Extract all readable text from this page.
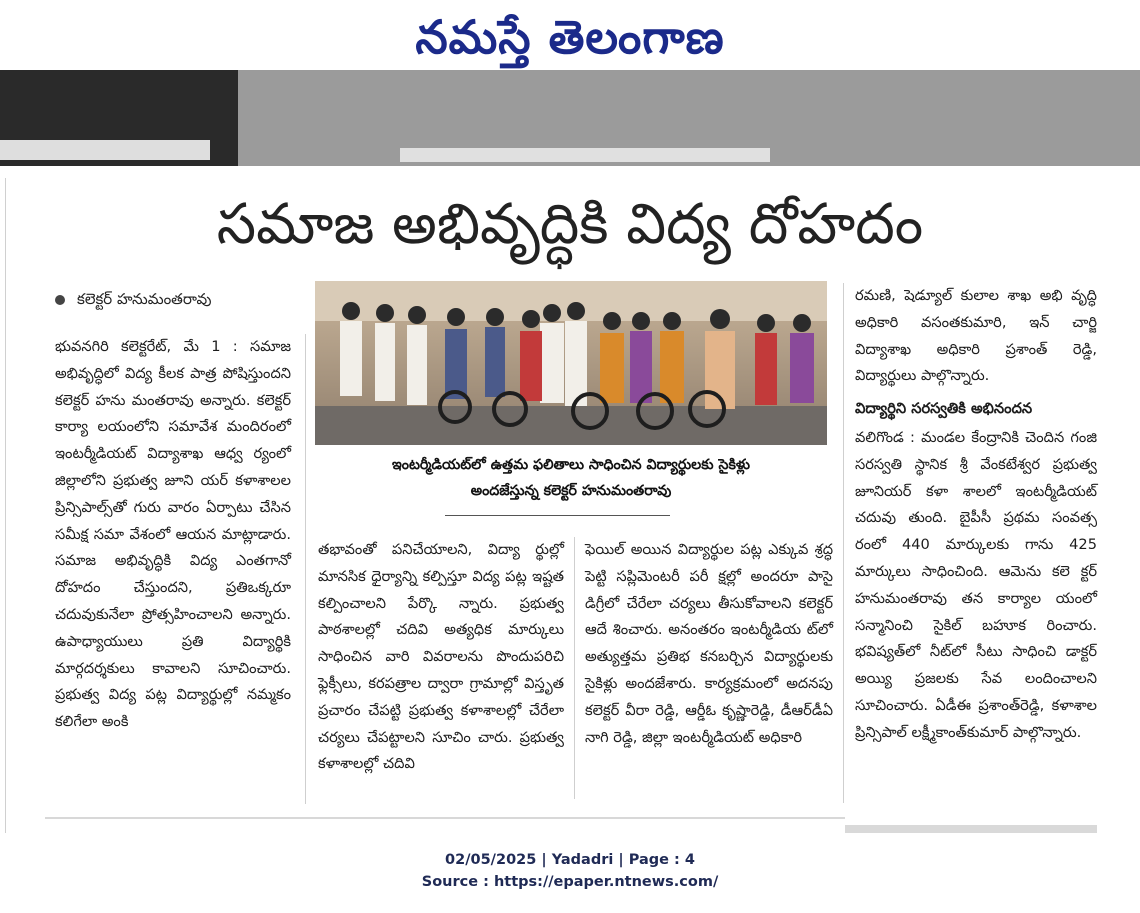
నమస్తే తెలంగాణ
సమాజ అభివృద్ధికి విద్య దోహదం
కలెక్టర్ హనుమంతరావు

భువనగిరి కలెక్టరేట్, మే 1 : సమాజ అభివృద్ధిలో విద్య కీలక పాత్ర పోషిస్తుందని కలెక్టర్ హను మంతరావు అన్నారు. కలెక్టర్ కార్యా లయంలోని సమావేశ మందిరంలో ఇంటర్మీడియట్ విద్యాశాఖ ఆధ్వ ర్యంలో జిల్లాలోని ప్రభుత్వ జూని యర్ కళాశాలల ప్రిన్సిపాల్స్‌తో గురు వారం ఏర్పాటు చేసిన సమీక్ష సమా వేశంలో ఆయన మాట్లాడారు. సమాజ అభివృద్ధికి విద్య ఎంతగానో దోహదం చేస్తుందని, ప్రతిఒక్కరూ చదువుకునేలా ప్రోత్సహించాలని అన్నారు. ఉపాధ్యాయులు ప్రతి విద్యార్థికి మార్గదర్శకులు కావాలని సూచించారు. ప్రభుత్వ విద్య పట్ల విద్యార్థుల్లో నమ్మకం కలిగేలా అంకి

ఇంటర్మీడియట్‌లో ఉత్తమ ఫలితాలు సాధించిన విద్యార్థులకు సైకిళ్లు
అందజేస్తున్న కలెక్టర్ హనుమంతరావు

తభావంతో పనిచేయాలని, విద్యా ర్థుల్లో మానసిక ధైర్యాన్ని కల్పిస్తూ విద్య పట్ల ఇష్టత కల్పించాలని పేర్కొ న్నారు. ప్రభుత్వ పాఠశాలల్లో చదివి అత్యధిక మార్కులు సాధించిన వారి వివరాలను పొందుపరిచి ఫ్లెక్సీలు, కరపత్రాల ద్వారా గ్రామాల్లో విస్తృత ప్రచారం చేపట్టి ప్రభుత్వ కళాశాలల్లో చేరేలా చర్యలు చేపట్టాలని సూచిం చారు. ప్రభుత్వ కళాశాలల్లో చదివి

ఫెయిల్ అయిన విద్యార్థుల పట్ల ఎక్కువ శ్రద్ధ పెట్టి సప్లిమెంటరీ పరీ క్షల్లో అందరూ పాసై డిగ్రీలో చేరేలా చర్యలు తీసుకోవాలని కలెక్టర్ ఆదే శించారు. అనంతరం ఇంటర్మీడియ ట్‌లో అత్యుత్తమ ప్రతిభ కనబర్చిన విద్యార్థులకు సైకిళ్లు అందజేశారు. కార్యక్రమంలో అదనపు కలెక్టర్ వీరా రెడ్డి, ఆర్డీఓ కృష్ణారెడ్డి, డీఆర్‌డీఏ నాగి రెడ్డి, జిల్లా ఇంటర్మీడియట్ అధికారి

రమణి, షెడ్యూల్ కులాల శాఖ అభి వృద్ధి అధికారి వసంతకుమారి, ఇన్ చార్జి విద్యాశాఖ అధికారి ప్రశాంత్ రెడ్డి, విద్యార్థులు పాల్గొన్నారు.

విద్యార్థిని సరస్వతికి అభినందన

వలిగొండ : మండల కేంద్రానికి చెందిన గంజి సరస్వతి స్థానిక శ్రీ వేంకటేశ్వర ప్రభుత్వ జూనియర్ కళా శాలలో ఇంటర్మీడియట్ చదువు తుంది. బైపీసీ ప్రథమ సంవత్స రంలో 440 మార్కులకు గాను 425 మార్కులు సాధించింది. ఆమెను కలె క్టర్ హనుమంతరావు తన కార్యాల యంలో సన్మానించి సైకిల్ బహూక రించారు. భవిష్యత్‌లో నీట్‌లో సీటు సాధించి డాక్టర్ అయ్యి ప్రజలకు సేవ లందించాలని సూచించారు. ఏడీఈ ప్రశాంత్‌రెడ్డి, కళాశాల ప్రిన్సిపాల్ లక్ష్మీకాంత్‌కుమార్ పాల్గొన్నారు.

02/05/2025 | Yadadri | Page : 4
Source : https://epaper.ntnews.com/
